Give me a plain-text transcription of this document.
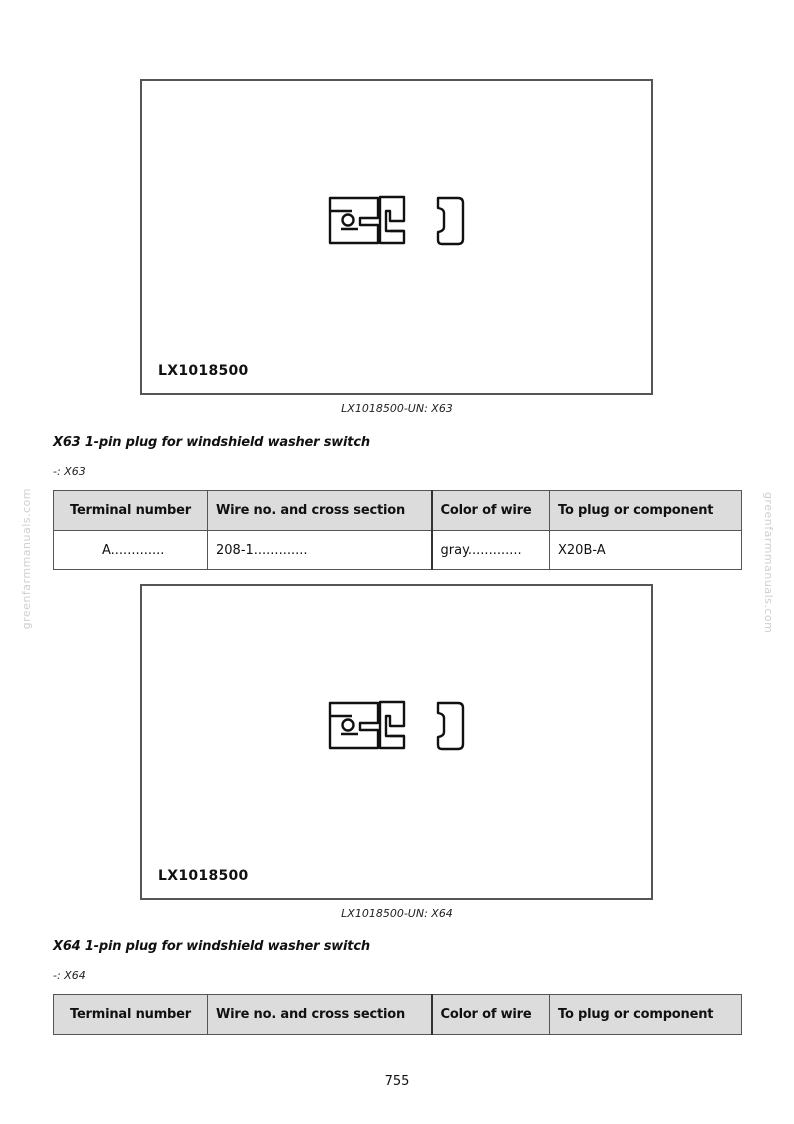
greenfarmmanuals.com	greenfarmmanuals.com
LX1018500
LX1018500-UN: X63
X63 1-pin plug for windshield washer switch
-: X63
Terminal number	Wire no. and cross section	Color of wire	To plug or component
A.............	208-1.............	gray.............	X20B-A
LX1018500
LX1018500-UN: X64
X64 1-pin plug for windshield washer switch
-: X64
Terminal number	Wire no. and cross section	Color of wire	To plug or component
755
